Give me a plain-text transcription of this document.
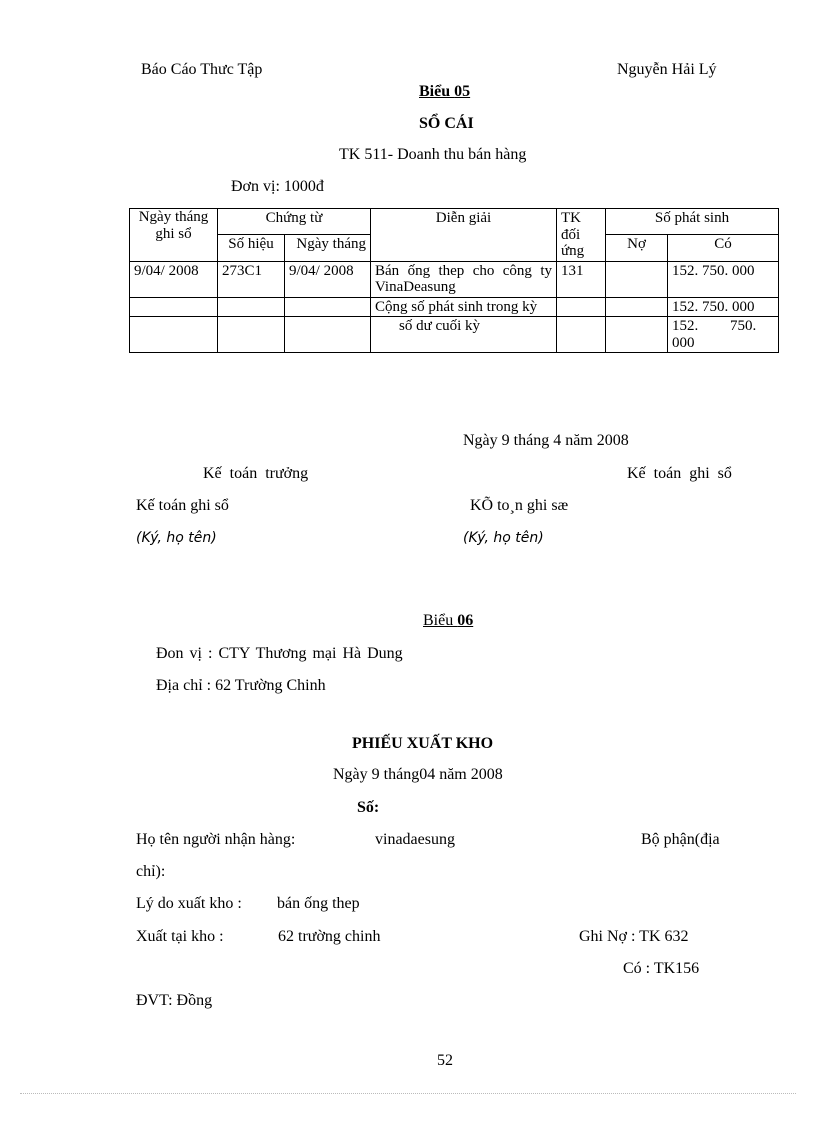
Báo Cáo Thưc Tập	Nguyễn Hải Lý
Biểu 05
SỔ CÁI
TK 511- Doanh thu bán hàng
Đơn vị: 1000đ
Ngày tháng ghi sổ	Chứng từ		Diễn giải	TK đối ứng	Số phát sinh	
	Số hiệu	Ngày tháng			Nợ	Có
9/04/ 2008	273C1	9/04/ 2008	Bán ống thep cho công ty VinaDeasung	131		152. 750. 000
			Cộng số phát sinh trong kỳ			152. 750. 000
			số dư cuối kỳ			152. 750. 000
Ngày 9 tháng 4 năm 2008
Kế toán trưởng	Kế toán ghi sổ
Kế toán ghi sổ	KÕ to¸n ghi sæ
(Ký, họ tên)	(Ký, họ tên)
Biểu 06
Đon vị : CTY Thương mại Hà Dung
Địa chỉ : 62 Trường Chinh
PHIẾU XUẤT KHO
Ngày 9 tháng04 năm 2008
Số:
Họ tên người nhận hàng:	vinadaesung	Bộ phận(địa
chỉ):
Lý do xuất kho : bán ống thep
Xuất tại kho :	62 trường chinh	Ghi Nợ : TK 632
Có : TK156
ĐVT: Đồng
52
